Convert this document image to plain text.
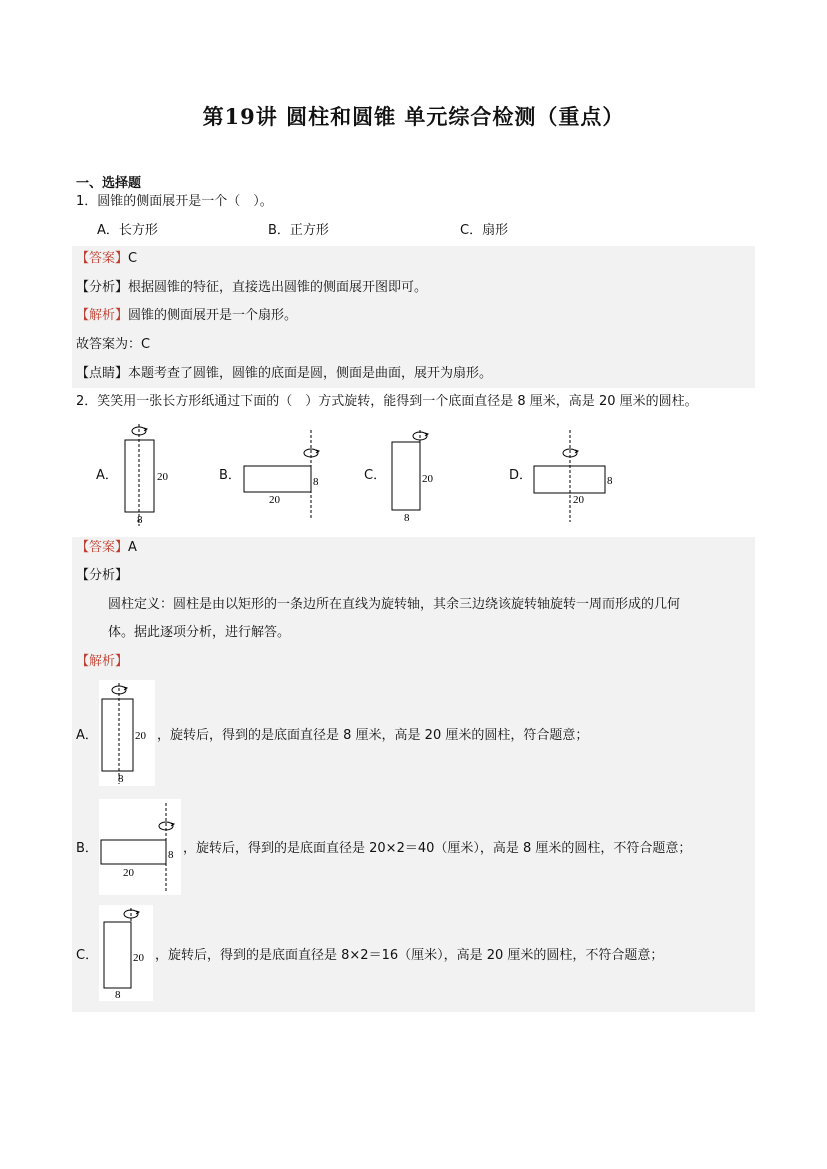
第19讲 圆柱和圆锥 单元综合检测（重点）
一、选择题
1．圆锥的侧面展开是一个（　）。
A．长方形	B．正方形	C．扇形
【答案】C
【分析】根据圆锥的特征，直接选出圆锥的侧面展开图即可。
【解析】圆锥的侧面展开是一个扇形。
故答案为：C
【点睛】本题考查了圆锥，圆锥的底面是圆，侧面是曲面，展开为扇形。
2．笑笑用一张长方形纸通过下面的（　）方式旋转，能得到一个底面直径是 8 厘米，高是 20 厘米的圆柱。
A．	20
8
B．	8
20
C．	20
8
D．	8
20
【答案】A
【分析】
圆柱定义：圆柱是由以矩形的一条边所在直线为旋转轴，其余三边绕该旋转轴旋转一周而形成的几何
体。据此逐项分析，进行解答。
【解析】
A．	20
8
，旋转后，得到的是底面直径是 8 厘米，高是 20 厘米的圆柱，符合题意；
B．	8
20
，旋转后，得到的是底面直径是 20×2＝40（厘米），高是 8 厘米的圆柱，不符合题意；
C．	20
8
，旋转后，得到的是底面直径是 8×2＝16（厘米），高是 20 厘米的圆柱，不符合题意；
